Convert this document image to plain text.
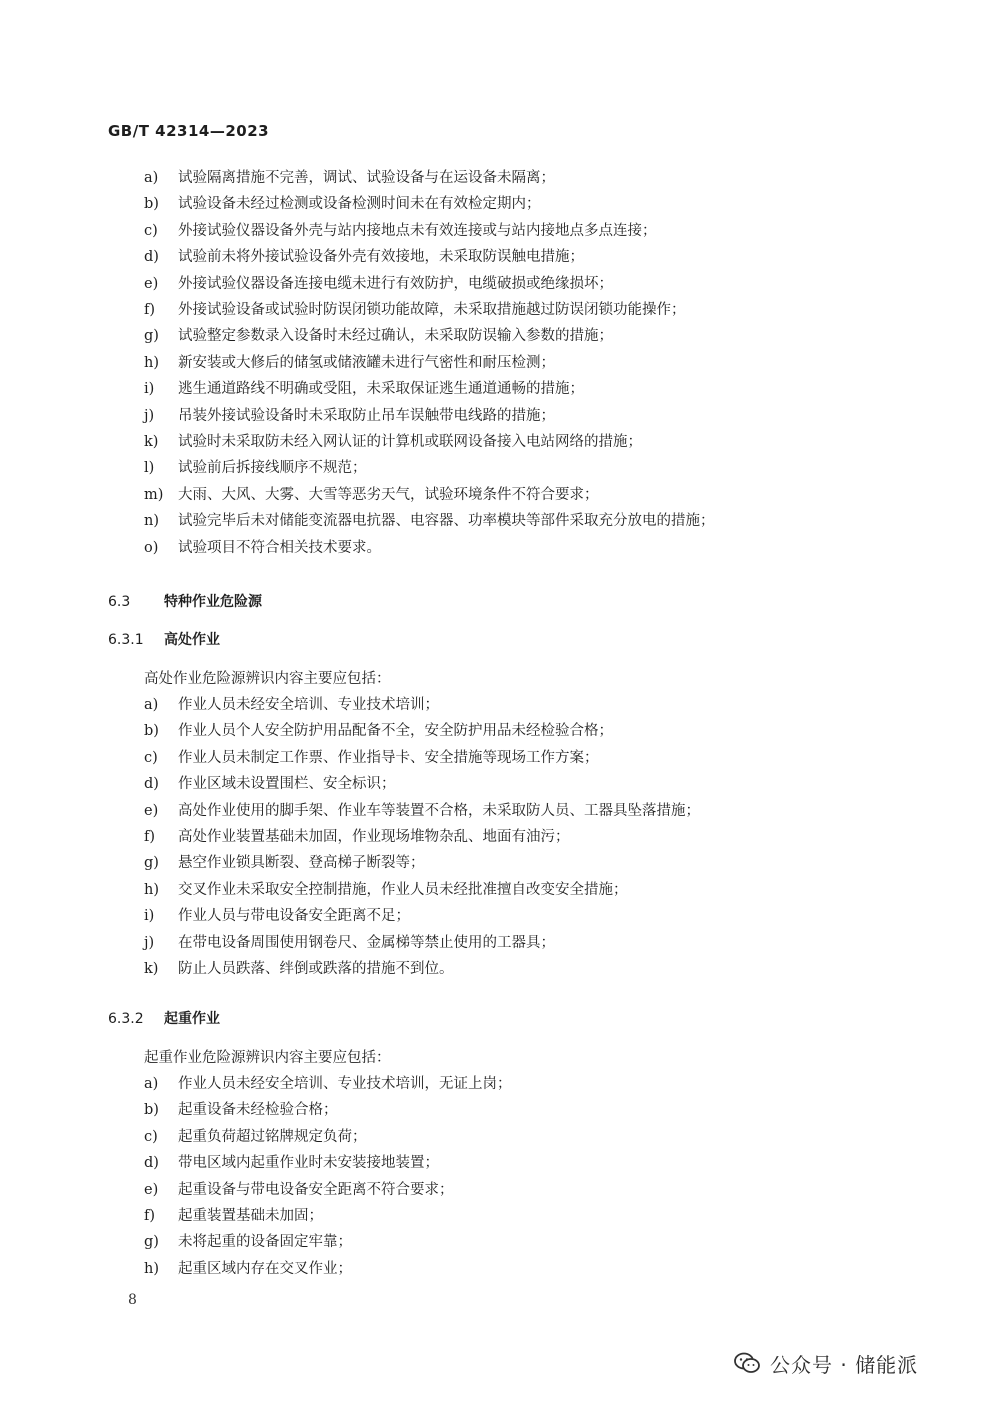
GB/T 42314—2023
a) 试验隔离措施不完善，调试、试验设备与在运设备未隔离；
b) 试验设备未经过检测或设备检测时间未在有效检定期内；
c) 外接试验仪器设备外壳与站内接地点未有效连接或与站内接地点多点连接；
d) 试验前未将外接试验设备外壳有效接地，未采取防误触电措施；
e) 外接试验仪器设备连接电缆未进行有效防护，电缆破损或绝缘损坏；
f) 外接试验设备或试验时防误闭锁功能故障，未采取措施越过防误闭锁功能操作；
g) 试验整定参数录入设备时未经过确认，未采取防误输入参数的措施；
h) 新安装或大修后的储氢或储液罐未进行气密性和耐压检测；
i) 逃生通道路线不明确或受阻，未采取保证逃生通道通畅的措施；
j) 吊装外接试验设备时未采取防止吊车误触带电线路的措施；
k) 试验时未采取防未经入网认证的计算机或联网设备接入电站网络的措施；
l) 试验前后拆接线顺序不规范；
m) 大雨、大风、大雾、大雪等恶劣天气，试验环境条件不符合要求；
n) 试验完毕后未对储能变流器电抗器、电容器、功率模块等部件采取充分放电的措施；
o) 试验项目不符合相关技术要求。
6.3 特种作业危险源
6.3.1 高处作业
高处作业危险源辨识内容主要应包括：
a) 作业人员未经安全培训、专业技术培训；
b) 作业人员个人安全防护用品配备不全，安全防护用品未经检验合格；
c) 作业人员未制定工作票、作业指导卡、安全措施等现场工作方案；
d) 作业区域未设置围栏、安全标识；
e) 高处作业使用的脚手架、作业车等装置不合格，未采取防人员、工器具坠落措施；
f) 高处作业装置基础未加固，作业现场堆物杂乱、地面有油污；
g) 悬空作业锁具断裂、登高梯子断裂等；
h) 交叉作业未采取安全控制措施，作业人员未经批准擅自改变安全措施；
i) 作业人员与带电设备安全距离不足；
j) 在带电设备周围使用钢卷尺、金属梯等禁止使用的工器具；
k) 防止人员跌落、绊倒或跌落的措施不到位。
6.3.2 起重作业
起重作业危险源辨识内容主要应包括：
a) 作业人员未经安全培训、专业技术培训，无证上岗；
b) 起重设备未经检验合格；
c) 起重负荷超过铭牌规定负荷；
d) 带电区域内起重作业时未安装接地装置；
e) 起重设备与带电设备安全距离不符合要求；
f) 起重装置基础未加固；
g) 未将起重的设备固定牢靠；
h) 起重区域内存在交叉作业；
8
公众号 · 储能派
